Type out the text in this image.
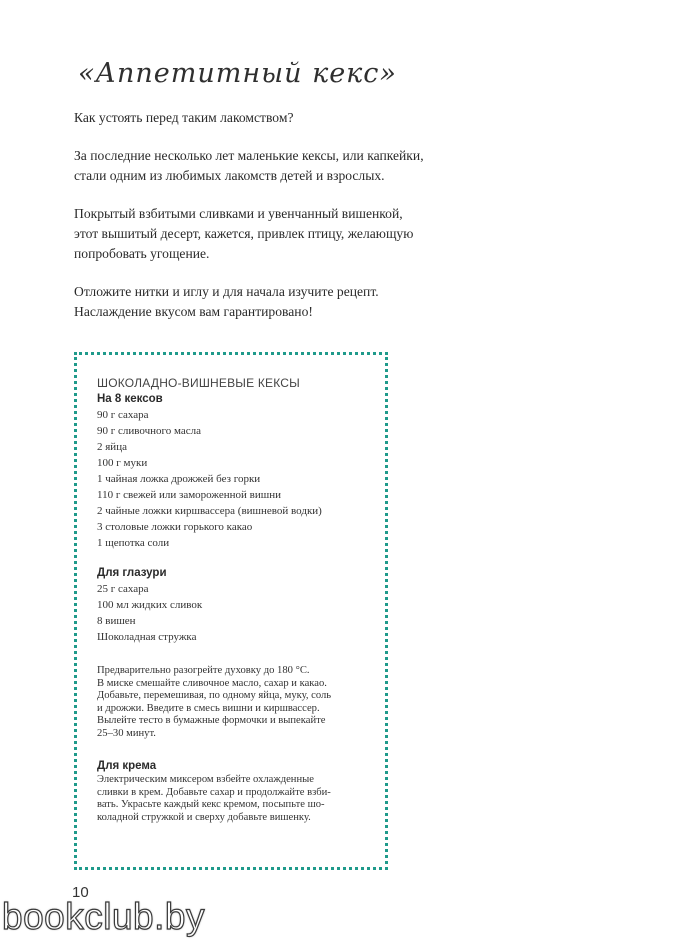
«Аппетитный кекс»

Как устоять перед таким лакомством?

За последние несколько лет маленькие кексы, или капкейки,
стали одним из любимых лакомств детей и взрослых.

Покрытый взбитыми сливками и увенчанный вишенкой,
этот вышитый десерт, кажется, привлек птицу, желающую
попробовать угощение.

Отложите нитки и иглу и для начала изучите рецепт.
Наслаждение вкусом вам гарантировано!

ШОКОЛАДНО-ВИШНЕВЫЕ КЕКСЫ
На 8 кексов
90 г сахара
90 г сливочного масла
2 яйца
100 г муки
1 чайная ложка дрожжей без горки
110 г свежей или замороженной вишни
2 чайные ложки киршвассера (вишневой водки)
3 столовые ложки горького какао
1 щепотка соли
Для глазури
25 г сахара
100 мл жидких сливок
8 вишен
Шоколадная стружка
Предварительно разогрейте духовку до 180 °С.
В миске смешайте сливочное масло, сахар и какао.
Добавьте, перемешивая, по одному яйца, муку, соль
и дрожжи. Введите в смесь вишни и киршвассер.
Вылейте тесто в бумажные формочки и выпекайте
25–30 минут.
Для крема
Электрическим миксером взбейте охлажденные
сливки в крем. Добавьте сахар и продолжайте взби-
вать. Украсьте каждый кекс кремом, посыпьте шо-
коладной стружкой и сверху добавьте вишенку.
10
bookclub.by
